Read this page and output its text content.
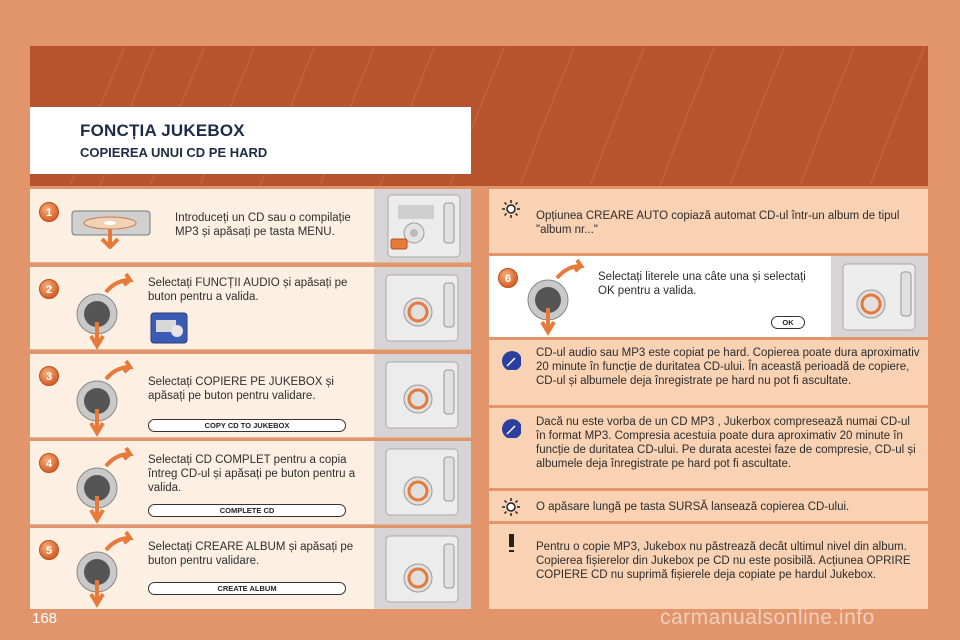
FONCȚIA JUKEBOX
COPIEREA UNUI CD PE HARD
1	Introduceți un CD sau o compilație MP3 și apăsați pe tasta MENU.
2
Selectați FUNCȚII AUDIO și apăsați pe buton pentru a valida.
3	Selectați COPIERE PE JUKEBOX și apăsați pe buton pentru validare.
COPY CD TO JUKEBOX
4	Selectați CD COMPLET pentru a copia întreg CD-ul și apăsați pe buton pentru a valida.
COMPLETE CD
5	Selectați CREARE ALBUM și apăsați pe buton pentru validare.
CREATE ALBUM
Opțiunea CREARE AUTO copiază automat CD-ul într-un album de tipul "album nr..."
6	Selectați literele una câte una și selectați OK pentru a valida.
OK
CD-ul audio sau MP3 este copiat pe hard. Copierea poate dura aproximativ 20 minute în funcție de duritatea CD-ului. În această perioadă de copiere, CD-ul și albumele deja înregistrate pe hard nu pot fi ascultate.
Dacă nu este vorba de un CD MP3 , Jukerbox compresează numai CD-ul în format MP3. Compresia acestuia poate dura aproximativ 20 minute în funcție de duritatea CD-ului. Pe durata acestei faze de compresie, CD-ul și albumele deja înregistrate pe hard pot fi ascultate.
O apăsare lungă pe tasta SURSĂ lansează copierea CD-ului.
Pentru o copie MP3, Jukebox nu păstrează decât ultimul nivel din album. Copierea fișierelor din Jukebox pe CD nu este posibilă. Acțiunea OPRIRE COPIERE CD nu suprimă fișierele deja copiate pe hardul Jukebox.
168	carmanualsonline.info
